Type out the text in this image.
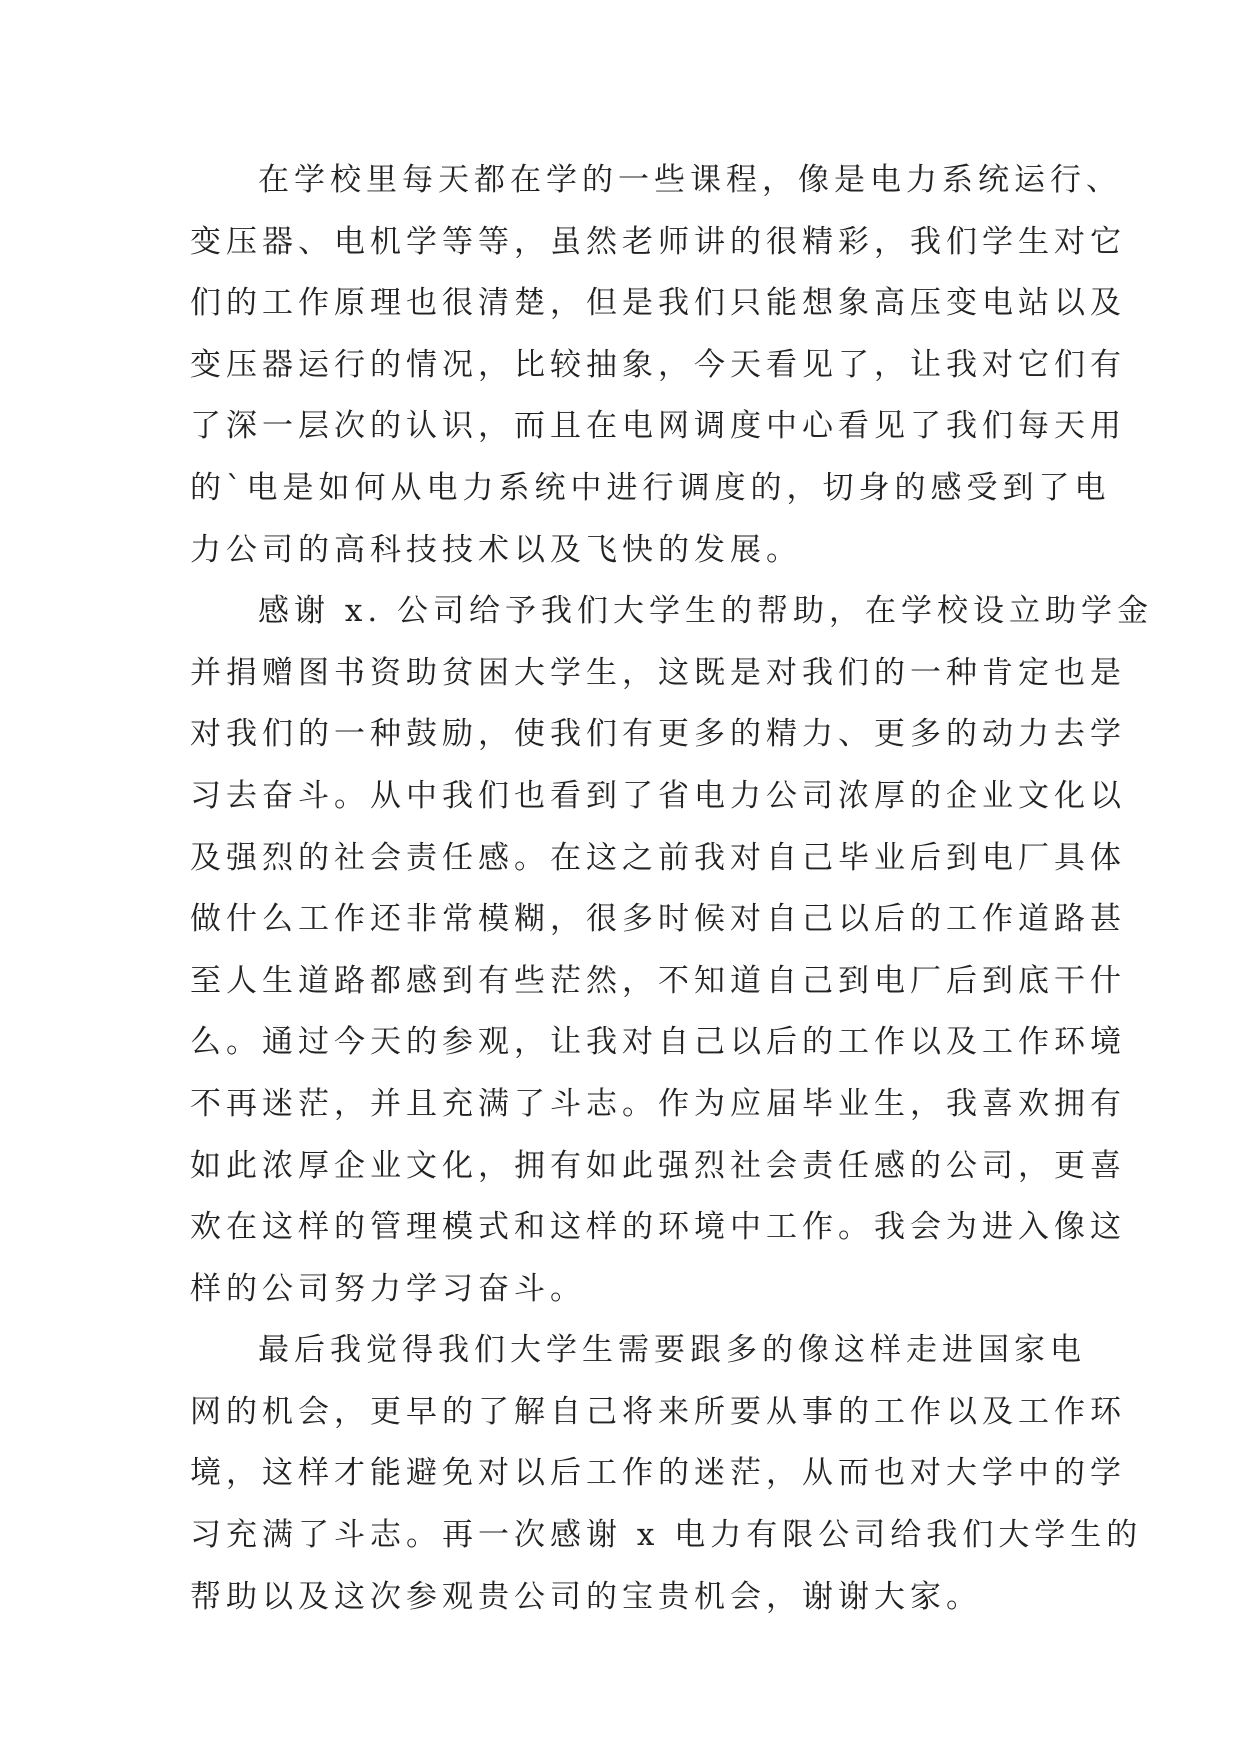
在学校里每天都在学的一些课程，像是电力系统运行、
变压器、电机学等等，虽然老师讲的很精彩，我们学生对它
们的工作原理也很清楚，但是我们只能想象高压变电站以及
变压器运行的情况，比较抽象，今天看见了，让我对它们有
了深一层次的认识，而且在电网调度中心看见了我们每天用
的`电是如何从电力系统中进行调度的，切身的感受到了电
力公司的高科技技术以及飞快的发展。
感谢 x. 公司给予我们大学生的帮助，在学校设立助学金
并捐赠图书资助贫困大学生，这既是对我们的一种肯定也是
对我们的一种鼓励，使我们有更多的精力、更多的动力去学
习去奋斗。从中我们也看到了省电力公司浓厚的企业文化以
及强烈的社会责任感。在这之前我对自己毕业后到电厂具体
做什么工作还非常模糊，很多时候对自己以后的工作道路甚
至人生道路都感到有些茫然，不知道自己到电厂后到底干什
么。通过今天的参观，让我对自己以后的工作以及工作环境
不再迷茫，并且充满了斗志。作为应届毕业生，我喜欢拥有
如此浓厚企业文化，拥有如此强烈社会责任感的公司，更喜
欢在这样的管理模式和这样的环境中工作。我会为进入像这
样的公司努力学习奋斗。
最后我觉得我们大学生需要跟多的像这样走进国家电
网的机会，更早的了解自己将来所要从事的工作以及工作环
境，这样才能避免对以后工作的迷茫，从而也对大学中的学
习充满了斗志。再一次感谢 x 电力有限公司给我们大学生的
帮助以及这次参观贵公司的宝贵机会，谢谢大家。
